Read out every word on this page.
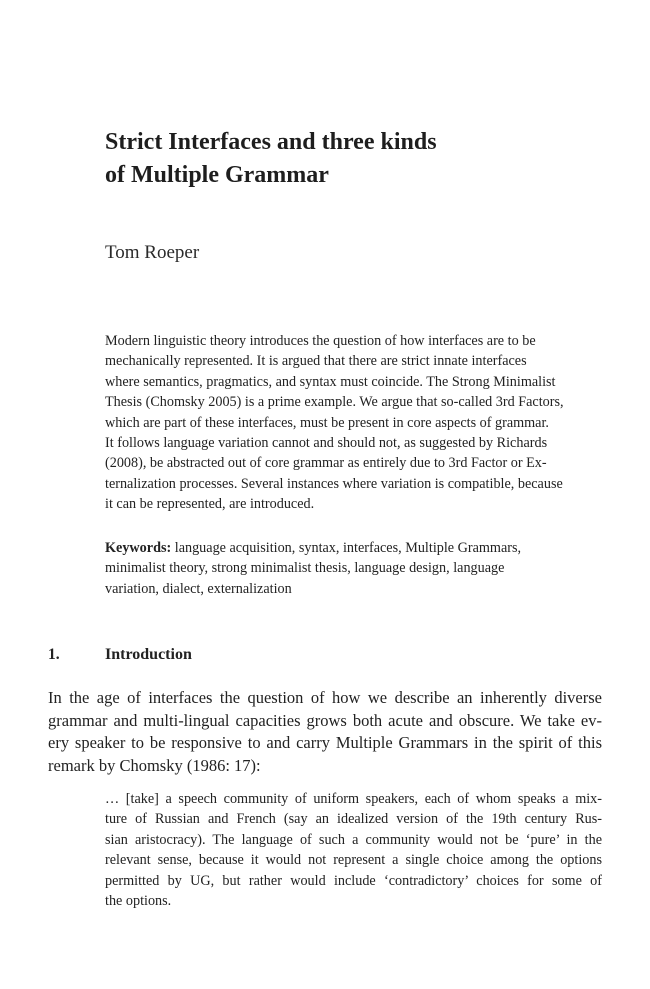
Strict Interfaces and three kinds
of Multiple Grammar

Tom Roeper

Modern linguistic theory introduces the question of how interfaces are to be
mechanically represented. It is argued that there are strict innate interfaces
where semantics, pragmatics, and syntax must coincide. The Strong Minimalist
Thesis (Chomsky 2005) is a prime example. We argue that so-called 3rd Factors,
which are part of these interfaces, must be present in core aspects of grammar.
It follows language variation cannot and should not, as suggested by Richards
(2008), be abstracted out of core grammar as entirely due to 3rd Factor or Ex-
ternalization processes. Several instances where variation is compatible, because
it can be represented, are introduced.

Keywords: language acquisition, syntax, interfaces, Multiple Grammars,
minimalist theory, strong minimalist thesis, language design, language
variation, dialect, externalization

1.	Introduction

In the age of interfaces the question of how we describe an inherently diverse
grammar and multi-lingual capacities grows both acute and obscure. We take ev-
ery speaker to be responsive to and carry Multiple Grammars in the spirit of this
remark by Chomsky (1986: 17):

… [take] a speech community of uniform speakers, each of whom speaks a mix-
ture of Russian and French (say an idealized version of the 19th century Rus-
sian aristocracy). The language of such a community would not be ‘pure’ in the
relevant sense, because it would not represent a single choice among the options
permitted by UG, but rather would include ‘contradictory’ choices for some of
the options.
